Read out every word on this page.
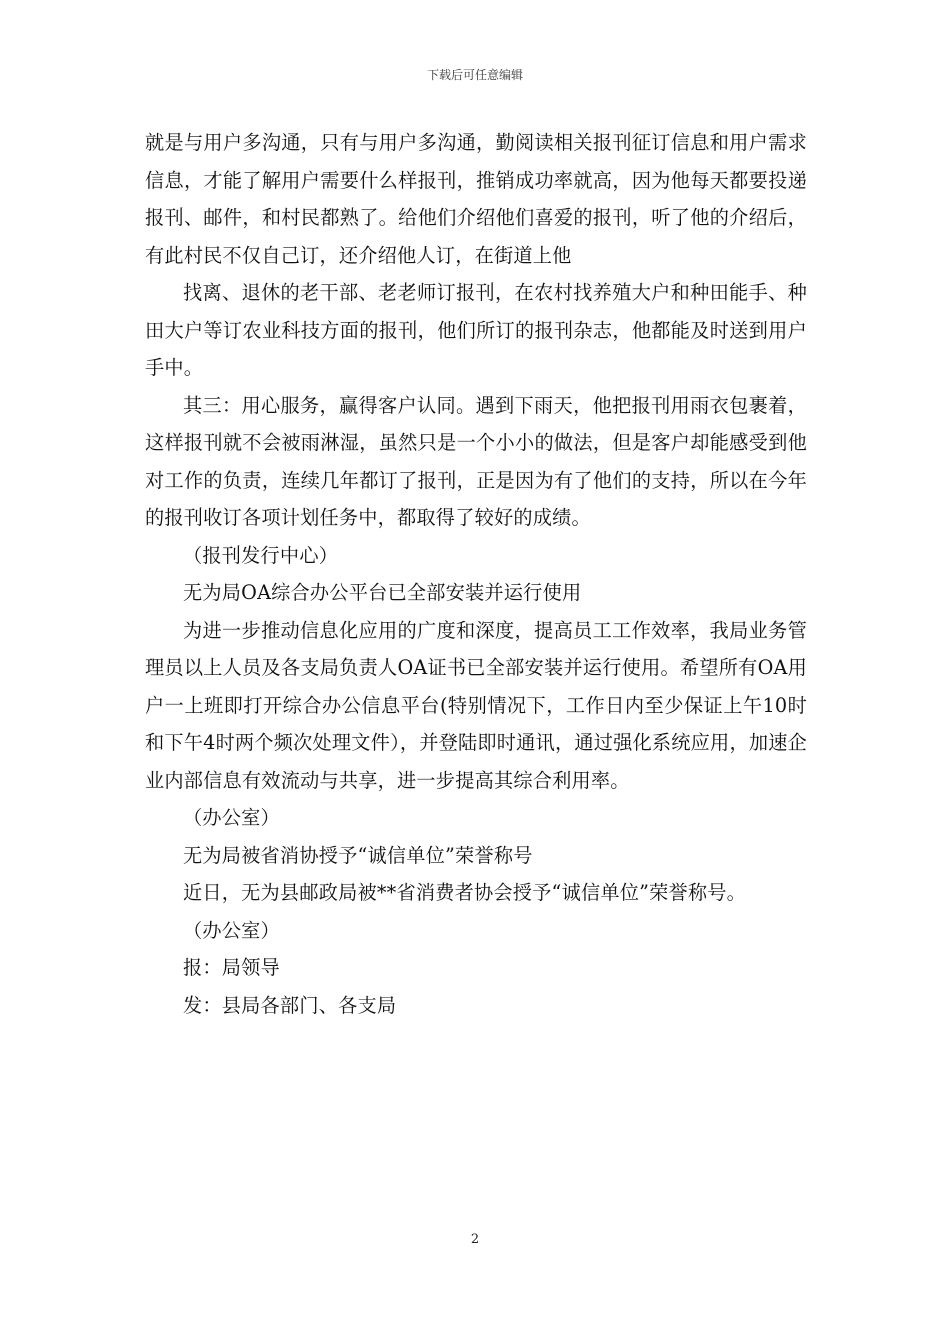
下载后可任意编辑

就是与用户多沟通，只有与用户多沟通，勤阅读相关报刊征订信息和用户需求信息，才能了解用户需要什么样报刊，推销成功率就高，因为他每天都要投递报刊、邮件，和村民都熟了。给他们介绍他们喜爱的报刊，听了他的介绍后，有此村民不仅自己订，还介绍他人订，在街道上他

找离、退休的老干部、老老师订报刊，在农村找养殖大户和种田能手、种田大户等订农业科技方面的报刊，他们所订的报刊杂志，他都能及时送到用户手中。

其三：用心服务，赢得客户认同。遇到下雨天，他把报刊用雨衣包裹着，这样报刊就不会被雨淋湿，虽然只是一个小小的做法，但是客户却能感受到他对工作的负责，连续几年都订了报刊，正是因为有了他们的支持，所以在今年的报刊收订各项计划任务中，都取得了较好的成绩。

（报刊发行中心）

无为局OA综合办公平台已全部安装并运行使用

为进一步推动信息化应用的广度和深度，提高员工工作效率，我局业务管理员以上人员及各支局负责人OA证书已全部安装并运行使用。希望所有OA用户一上班即打开综合办公信息平台(特别情况下，工作日内至少保证上午10时和下午4时两个频次处理文件），并登陆即时通讯，通过强化系统应用，加速企业内部信息有效流动与共享，进一步提高其综合利用率。

（办公室）

无为局被省消协授予“诚信单位”荣誉称号

近日，无为县邮政局被**省消费者协会授予“诚信单位”荣誉称号。

（办公室）

报：局领导

发：县局各部门、各支局

2
